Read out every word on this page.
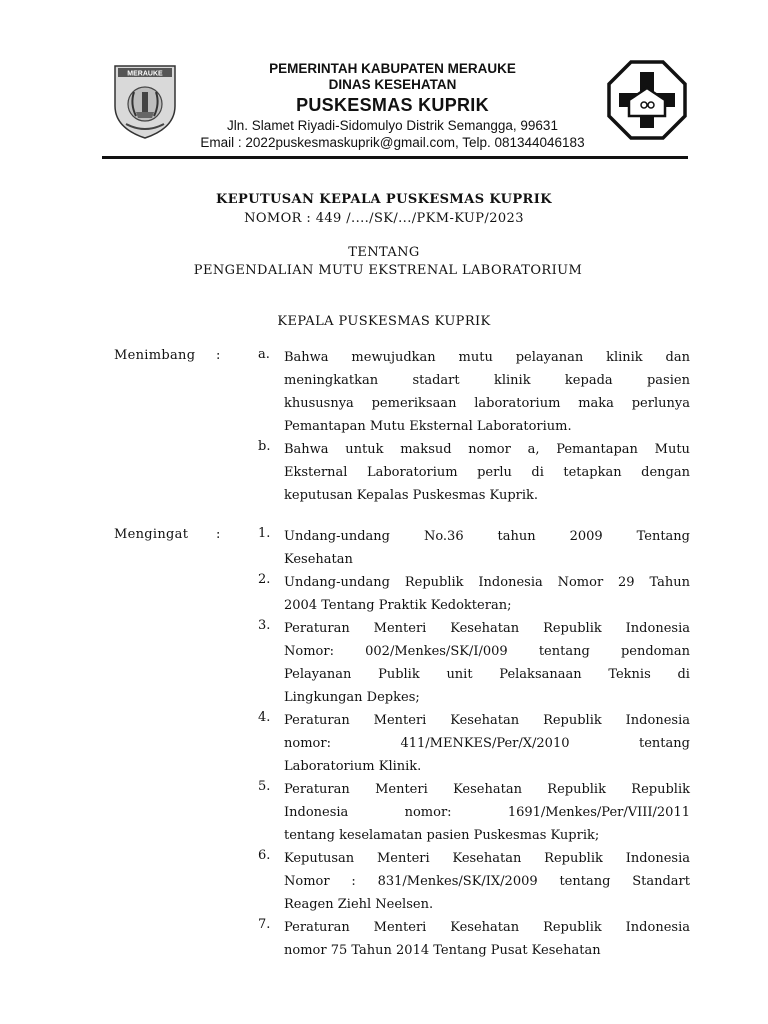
MERAUKE	PEMERINTAH KABUPATEN MERAUKE
DINAS KESEHATAN
PUSKESMAS KUPRIK
Jln. Slamet Riyadi-Sidomulyo Distrik Semangga, 99631
Email : 2022puskesmaskuprik@gmail.com, Telp. 081344046183
KEPUTUSAN KEPALA PUSKESMAS KUPRIK
NOMOR : 449 /..../SK/.../PKM-KUP/2023
TENTANG
PENGENDALIAN MUTU EKSTRENAL LABORATORIUM
KEPALA PUSKESMAS KUPRIK
Menimbang :	a.	Bahwa mewujudkan mutu pelayanan klinik dan
meningkatkan	stadart	klinik	kepada	pasien
khususnya pemeriksaan laboratorium maka perlunya
Pemantapan Mutu Eksternal Laboratorium.
b.	Bahwa untuk maksud nomor a, Pemantapan Mutu
Eksternal Laboratorium perlu di tetapkan dengan
keputusan Kepalas Puskesmas Kuprik.
Mengingat :	1.	Undang-undang	No.36	tahun	2009	Tentang
Kesehatan
2.	Undang-undang Republik Indonesia Nomor 29 Tahun
2004 Tentang Praktik Kedokteran;
3.	Peraturan Menteri Kesehatan Republik Indonesia
Nomor: 002/Menkes/SK/I/009 tentang pendoman
Pelayanan Publik unit Pelaksanaan Teknis di
Lingkungan Depkes;
4.	Peraturan Menteri Kesehatan Republik Indonesia
nomor:	411/MENKES/Per/X/2010	tentang
Laboratorium Klinik.
5.	Peraturan Menteri Kesehatan Republik Republik
Indonesia	nomor:	1691/Menkes/Per/VIII/2011
tentang keselamatan pasien Puskesmas Kuprik;
6.	Keputusan Menteri Kesehatan Republik Indonesia
Nomor : 831/Menkes/SK/IX/2009 tentang Standart
Reagen Ziehl Neelsen.
7.	Peraturan Menteri Kesehatan Republik Indonesia
nomor 75 Tahun 2014 Tentang Pusat Kesehatan
